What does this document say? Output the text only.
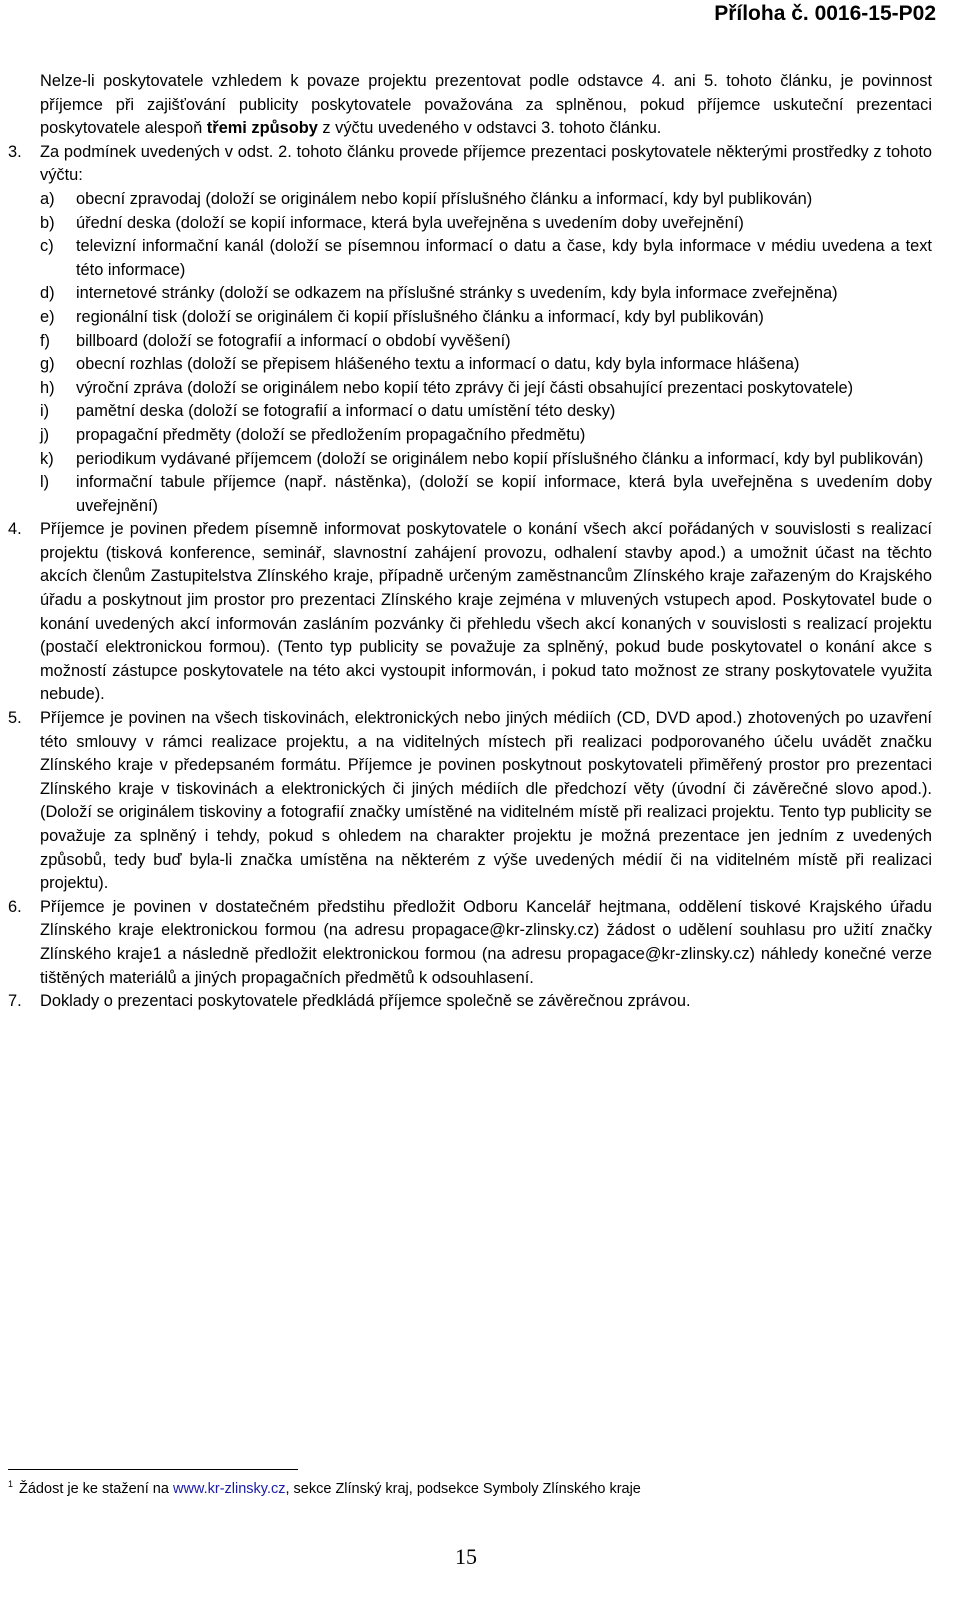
Příloha č. 0016-15-P02

Nelze-li poskytovatele vzhledem k povaze projektu prezentovat podle odstavce 4. ani 5. tohoto článku, je povinnost příjemce při zajišťování publicity poskytovatele považována za splněnou, pokud příjemce uskuteční prezentaci poskytovatele alespoň třemi způsoby z výčtu uvedeného v odstavci 3. tohoto článku.

3. Za podmínek uvedených v odst. 2. tohoto článku provede příjemce prezentaci poskytovatele některými prostředky z tohoto výčtu:
a) obecní zpravodaj (doloží se originálem nebo kopií příslušného článku a informací, kdy byl publikován)
b) úřední deska (doloží se kopií informace, která byla uveřejněna s uvedením doby uveřejnění)
c) televizní informační kanál (doloží se písemnou informací o datu a čase, kdy byla informace v médiu uvedena a text této informace)
d) internetové stránky (doloží se odkazem na příslušné stránky s uvedením, kdy byla informace zveřejněna)
e) regionální tisk (doloží se originálem či kopií příslušného článku a informací, kdy byl publikován)
f) billboard (doloží se fotografií a informací o období vyvěšení)
g) obecní rozhlas (doloží se přepisem hlášeného textu a informací o datu, kdy byla informace hlášena)
h) výroční zpráva (doloží se originálem nebo kopií této zprávy či její části obsahující prezentaci poskytovatele)
i) pamětní deska (doloží se fotografií a informací o datu umístění této desky)
j) propagační předměty (doloží se předložením propagačního předmětu)
k) periodikum vydávané příjemcem (doloží se originálem nebo kopií příslušného článku a informací, kdy byl publikován)
l) informační tabule příjemce (např. nástěnka), (doloží se kopií informace, která byla uveřejněna s uvedením doby uveřejnění)
4. Příjemce je povinen předem písemně informovat poskytovatele o konání všech akcí pořádaných v souvislosti s realizací projektu (tisková konference, seminář, slavnostní zahájení provozu, odhalení stavby apod.) a umožnit účast na těchto akcích členům Zastupitelstva Zlínského kraje, případně určeným zaměstnancům Zlínského kraje zařazeným do Krajského úřadu a poskytnout jim prostor pro prezentaci Zlínského kraje zejména v mluvených vstupech apod. Poskytovatel bude o konání uvedených akcí informován zasláním pozvánky či přehledu všech akcí konaných v souvislosti s realizací projektu (postačí elektronickou formou). (Tento typ publicity se považuje za splněný, pokud bude poskytovatel o konání akce s možností zástupce poskytovatele na této akci vystoupit informován, i pokud tato možnost ze strany poskytovatele využita nebude).
5. Příjemce je povinen na všech tiskovinách, elektronických nebo jiných médiích (CD, DVD apod.) zhotovených po uzavření této smlouvy v rámci realizace projektu, a na viditelných místech při realizaci podporovaného účelu uvádět značku Zlínského kraje v předepsaném formátu. Příjemce je povinen poskytnout poskytovateli přiměřený prostor pro prezentaci Zlínského kraje v tiskovinách a elektronických či jiných médiích dle předchozí věty (úvodní či závěrečné slovo apod.).(Doloží se originálem tiskoviny a fotografií značky umístěné na viditelném místě při realizaci projektu. Tento typ publicity se považuje za splněný i tehdy, pokud s ohledem na charakter projektu je možná prezentace jen jedním z uvedených způsobů, tedy buď byla-li značka umístěna na některém z výše uvedených médií či na viditelném místě při realizaci projektu).
6. Příjemce je povinen v dostatečném předstihu předložit Odboru Kancelář hejtmana, oddělení tiskové Krajského úřadu Zlínského kraje elektronickou formou (na adresu propagace@kr-zlinsky.cz) žádost o udělení souhlasu pro užití značky Zlínského kraje1 a následně předložit elektronickou formou (na adresu propagace@kr-zlinsky.cz) náhledy konečné verze tištěných materiálů a jiných propagačních předmětů k odsouhlasení.
7. Doklady o prezentaci poskytovatele předkládá příjemce společně se závěrečnou zprávou.
$^1$ Žádost je ke stažení na www.kr-zlinsky.cz, sekce Zlínský kraj, podsekce Symboly Zlínského kraje
15
